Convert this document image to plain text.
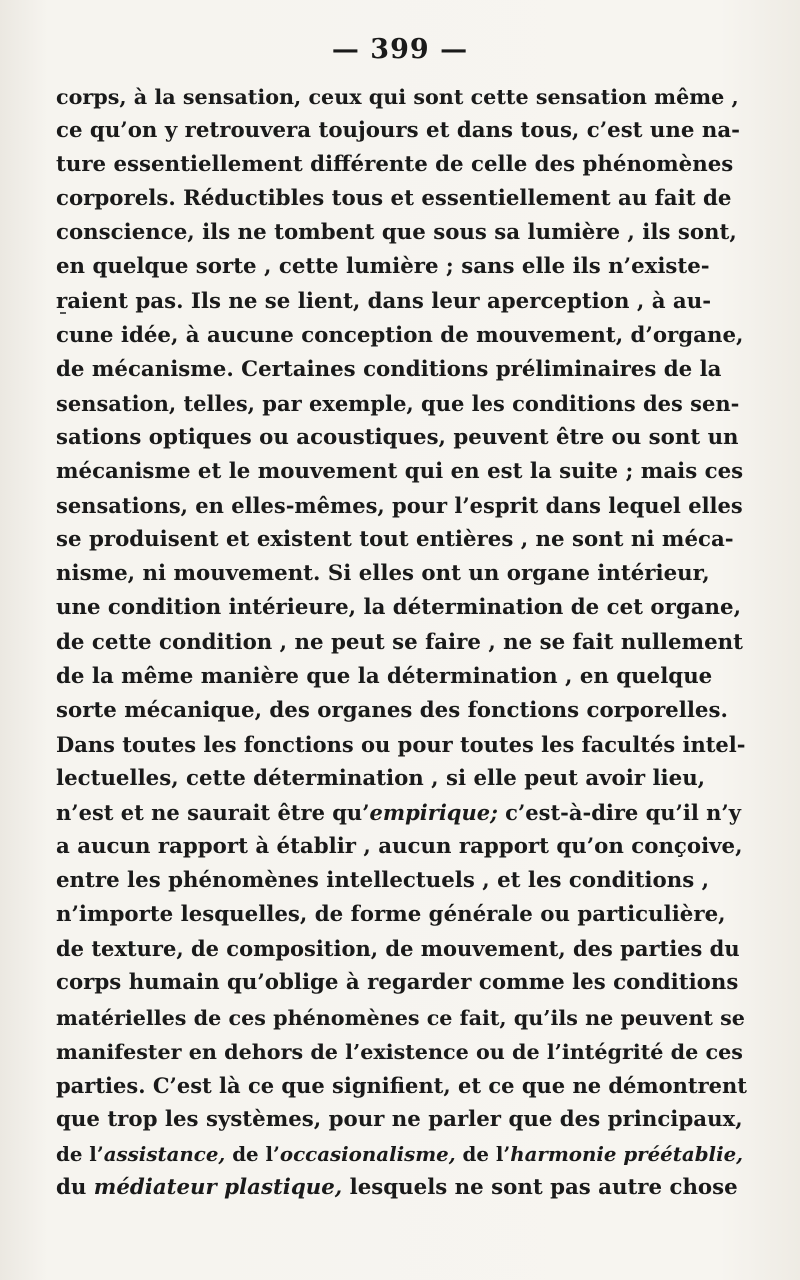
— 399 —
corps, à la sensation, ceux qui sont cette sensation même ,
ce qu’on y retrouvera toujours et dans tous, c’est une na-
ture essentiellement différente de celle des phénomènes
corporels. Réductibles tous et essentiellement au fait de
conscience, ils ne tombent que sous sa lumière , ils sont,
en quelque sorte , cette lumière ; sans elle ils n’existe-
raient pas. Ils ne se lient, dans leur aperception , à au-
cune idée, à aucune conception de mouvement, d’organe,
de mécanisme. Certaines conditions préliminaires de la
sensation, telles, par exemple, que les conditions des sen-
sations optiques ou acoustiques, peuvent être ou sont un
mécanisme et le mouvement qui en est la suite ; mais ces
sensations, en elles-mêmes, pour l’esprit dans lequel elles
se produisent et existent tout entières , ne sont ni méca-
nisme, ni mouvement. Si elles ont un organe intérieur,
une condition intérieure, la détermination de cet organe,
de cette condition , ne peut se faire , ne se fait nullement
de la même manière que la détermination , en quelque
sorte mécanique, des organes des fonctions corporelles.
Dans toutes les fonctions ou pour toutes les facultés intel-
lectuelles, cette détermination , si elle peut avoir lieu,
n’est et ne saurait être qu’empirique; c’est-à-dire qu’il n’y
a aucun rapport à établir , aucun rapport qu’on conçoive,
entre les phénomènes intellectuels , et les conditions ,
n’importe lesquelles, de forme générale ou particulière,
de texture, de composition, de mouvement, des parties du
corps humain qu’oblige à regarder comme les conditions
matérielles de ces phénomènes ce fait, qu’ils ne peuvent se
manifester en dehors de l’existence ou de l’intégrité de ces
parties. C’est là ce que signifient, et ce que ne démontrent
que trop les systèmes, pour ne parler que des principaux,
de l’assistance, de l’occasionalisme, de l’harmonie préétablie,
du médiateur plastique, lesquels ne sont pas autre chose
